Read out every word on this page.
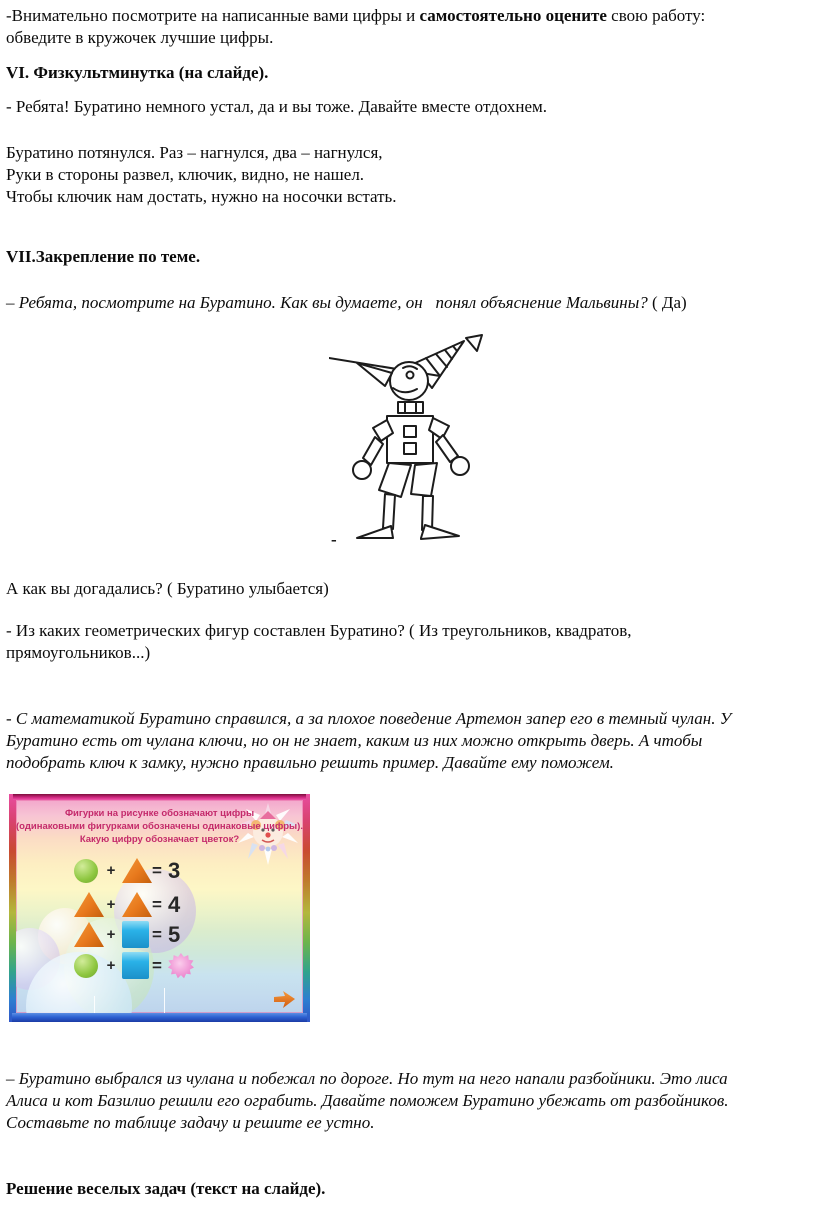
-Внимательно посмотрите на написанные вами цифры и самостоятельно оцените свою работу:
обведите в кружочек лучшие цифры.

VI. Физкультминутка (на слайде).

- Ребята! Буратино немного устал, да и вы тоже. Давайте вместе отдохнем.

Буратино потянулся. Раз – нагнулся, два – нагнулся,
Руки в стороны развел, ключик, видно, не нашел.
Чтобы ключик нам достать, нужно на носочки встать.

VII.Закрепление по теме.

– Ребята, посмотрите на Буратино. Как вы думаете, он   понял объяснение Мальвины? ( Да)

-

А как вы догадались? ( Буратино улыбается)

- Из каких геометрических фигур составлен Буратино? ( Из треугольников, квадратов,
прямоугольников...)

- С математикой Буратино справился, а за плохое поведение Артемон запер его в темный чулан. У
Буратино есть от чулана ключи, но он не знает, каким из них можно открыть дверь. А чтобы
подобрать ключ к замку, нужно правильно решить пример. Давайте ему поможем.

Фигурки на рисунке обозначают цифры
(одинаковыми фигурками обозначены одинаковые цифры).
Какую цифру обозначает цветок?
+ = 3
+ = 4
+ = 5
+ =

– Буратино выбрался из чулана и побежал по дороге. Но тут на него напали разбойники. Это лиса
Алиса и кот Базилио решили его ограбить. Давайте поможем Буратино убежать от разбойников.
Составьте по таблице задачу и решите ее устно.

Решение веселых задач (текст на слайде).
